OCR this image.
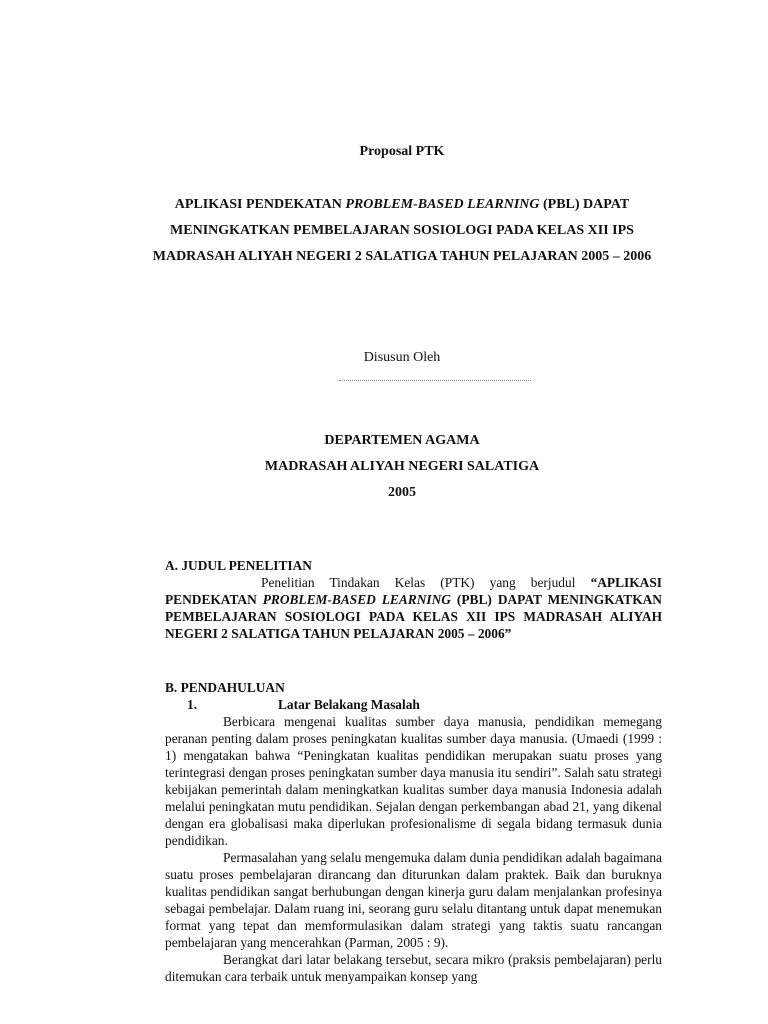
Proposal PTK
APLIKASI PENDEKATAN PROBLEM-BASED LEARNING (PBL) DAPAT MENINGKATKAN PEMBELAJARAN SOSIOLOGI PADA KELAS XII IPS MADRASAH ALIYAH NEGERI 2 SALATIGA TAHUN PELAJARAN 2005 – 2006
Disusun Oleh
DEPARTEMEN AGAMA
MADRASAH ALIYAH NEGERI SALATIGA
2005
A. JUDUL PENELITIAN
Penelitian Tindakan Kelas (PTK) yang berjudul “APLIKASI PENDEKATAN PROBLEM-BASED LEARNING (PBL) DAPAT MENINGKATKAN PEMBELAJARAN SOSIOLOGI PADA KELAS XII IPS MADRASAH ALIYAH NEGERI 2 SALATIGA TAHUN PELAJARAN 2005 – 2006”
B. PENDAHULUAN
1.	Latar Belakang Masalah
Berbicara mengenai kualitas sumber daya manusia, pendidikan memegang peranan penting dalam proses peningkatan kualitas sumber daya manusia. (Umaedi (1999 : 1) mengatakan bahwa “Peningkatan kualitas pendidikan merupakan suatu proses yang terintegrasi dengan proses peningkatan sumber daya manusia itu sendiri”. Salah satu strategi kebijakan pemerintah dalam meningkatkan kualitas sumber daya manusia Indonesia adalah melalui peningkatan mutu pendidikan. Sejalan dengan perkembangan abad 21, yang dikenal dengan era globalisasi maka diperlukan profesionalisme di segala bidang termasuk dunia pendidikan.
Permasalahan yang selalu mengemuka dalam dunia pendidikan adalah bagaimana suatu proses pembelajaran dirancang dan diturunkan dalam praktek. Baik dan buruknya kualitas pendidikan sangat berhubungan dengan kinerja guru dalam menjalankan profesinya sebagai pembelajar. Dalam ruang ini, seorang guru selalu ditantang untuk dapat menemukan format yang tepat dan memformulasikan dalam strategi yang taktis suatu rancangan pembelajaran yang mencerahkan (Parman, 2005 : 9).
Berangkat dari latar belakang tersebut, secara mikro (praksis pembelajaran) perlu ditemukan cara terbaik untuk menyampaikan konsep yang
